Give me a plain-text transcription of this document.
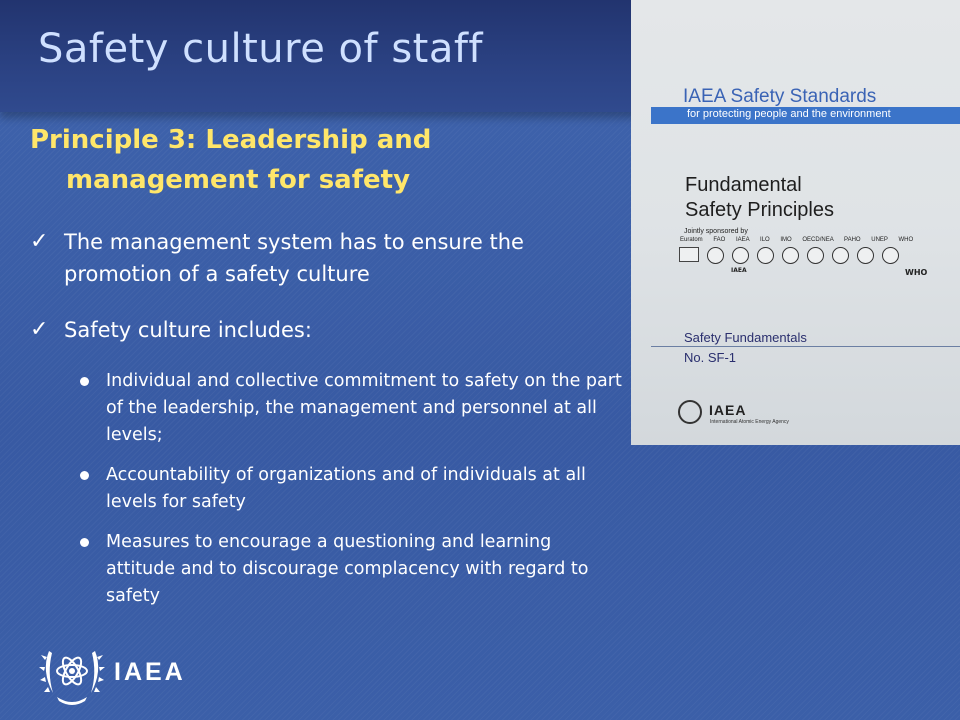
Safety culture of staff
Principle 3: Leadership and
management for safety
✓ The management system has to ensure the promotion of a safety culture
✓ Safety culture includes:
Individual and collective commitment to safety on the part of the leadership, the management and personnel at all levels;
Accountability of organizations and of individuals at all levels for safety
Measures to encourage a questioning and learning attitude and to discourage complacency with regard to safety
IAEA Safety Standards
for protecting people and the environment
Fundamental
Safety Principles
Jointly sponsored by
Euratom FAO IAEA ILO IMO OECD/NEA PAHO UNEP WHO
IAEA	WHO
Safety Fundamentals
No. SF-1
IAEA
International Atomic Energy Agency
IAEA
